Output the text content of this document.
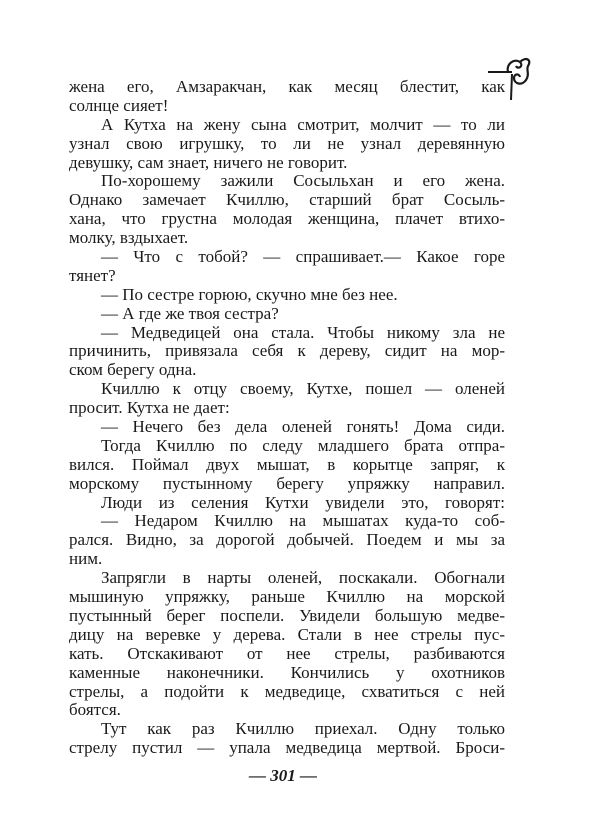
жена его, Амзаракчан, как месяц блестит, как
солнце сияет!
А Кутха на жену сына смотрит, молчит — то ли
узнал свою игрушку, то ли не узнал деревянную
девушку, сам знает, ничего не говорит.
По-хорошему зажили Сосыльхан и его жена.
Однако замечает Кчиллю, старший брат Сосыль-
хана, что грустна молодая женщина, плачет втихо-
молку, вздыхает.
— Что с тобой? — спрашивает.— Какое горе
тянет?
— По сестре горюю, скучно мне без нее.
— А где же твоя сестра?
— Медведицей она стала. Чтобы никому зла не
причинить, привязала себя к дереву, сидит на мор-
ском берегу одна.
Кчиллю к отцу своему, Кутхе, пошел — оленей
просит. Кутха не дает:
— Нечего без дела оленей гонять! Дома сиди.
Тогда Кчиллю по следу младшего брата отпра-
вился. Поймал двух мышат, в корытце запряг, к
морскому пустынному берегу упряжку направил.
Люди из селения Кутхи увидели это, говорят:
— Недаром Кчиллю на мышатах куда-то соб-
рался. Видно, за дорогой добычей. Поедем и мы за
ним.
Запрягли в нарты оленей, поскакали. Обогнали
мышиную упряжку, раньше Кчиллю на морской
пустынный берег поспели. Увидели большую медве-
дицу на веревке у дерева. Стали в нее стрелы пус-
кать. Отскакивают от нее стрелы, разбиваются
каменные наконечники. Кончились у охотников
стрелы, а подойти к медведице, схватиться с ней
боятся.
Тут как раз Кчиллю приехал. Одну только
стрелу пустил — упала медведица мертвой. Броси-
— 301 —
